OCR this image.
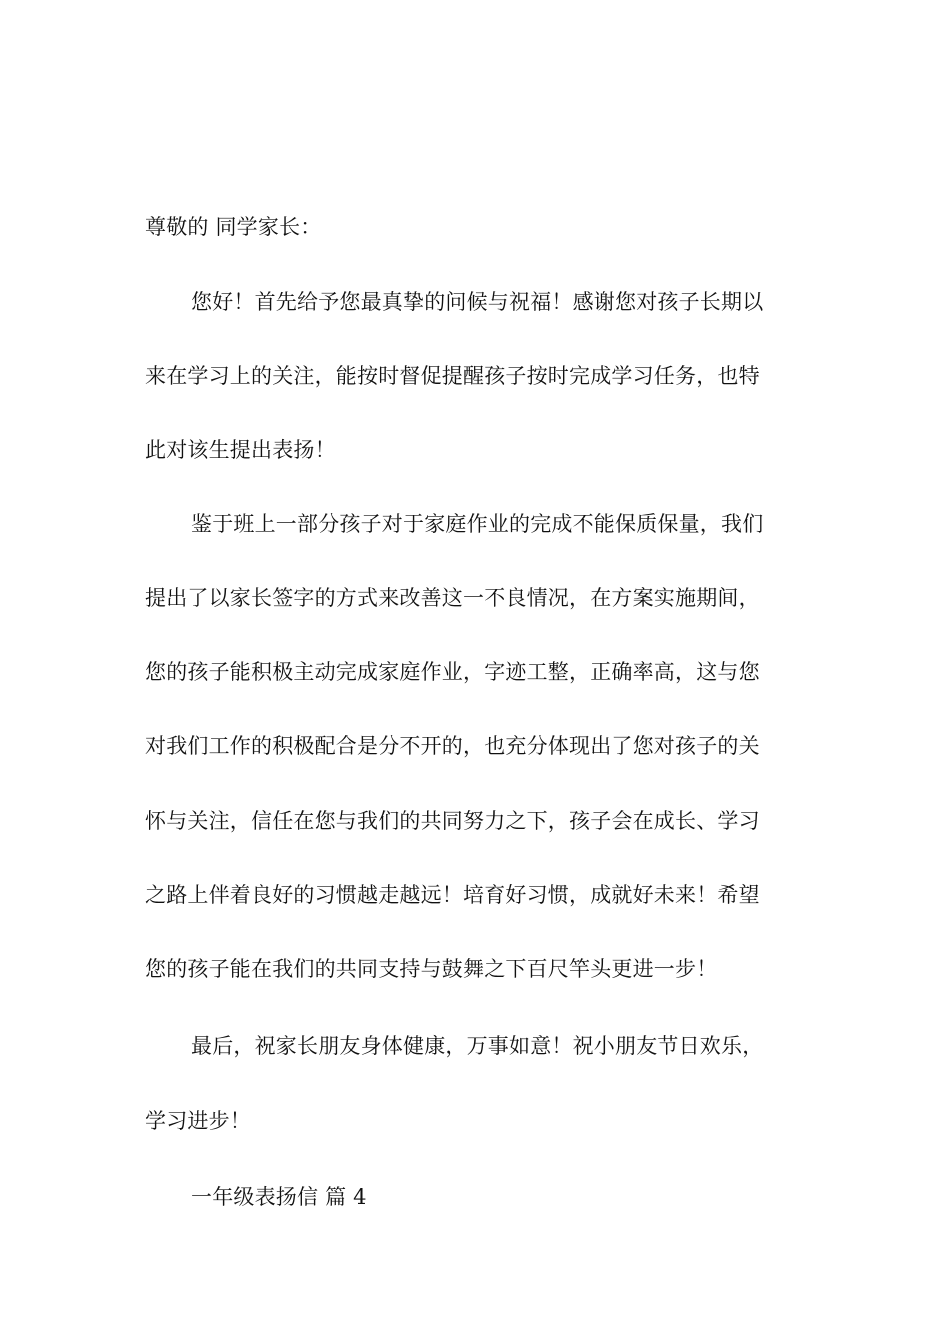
尊敬的 同学家长：
您好！首先给予您最真挚的问候与祝福！感谢您对孩子长期以
来在学习上的关注，能按时督促提醒孩子按时完成学习任务，也特
此对该生提出表扬！
鉴于班上一部分孩子对于家庭作业的完成不能保质保量，我们
提出了以家长签字的方式来改善这一不良情况，在方案实施期间，
您的孩子能积极主动完成家庭作业，字迹工整，正确率高，这与您
对我们工作的积极配合是分不开的，也充分体现出了您对孩子的关
怀与关注，信任在您与我们的共同努力之下，孩子会在成长、学习
之路上伴着良好的习惯越走越远！培育好习惯，成就好未来！希望
您的孩子能在我们的共同支持与鼓舞之下百尺竿头更进一步！
最后，祝家长朋友身体健康，万事如意！祝小朋友节日欢乐，
学习进步！
一年级表扬信 篇 4
